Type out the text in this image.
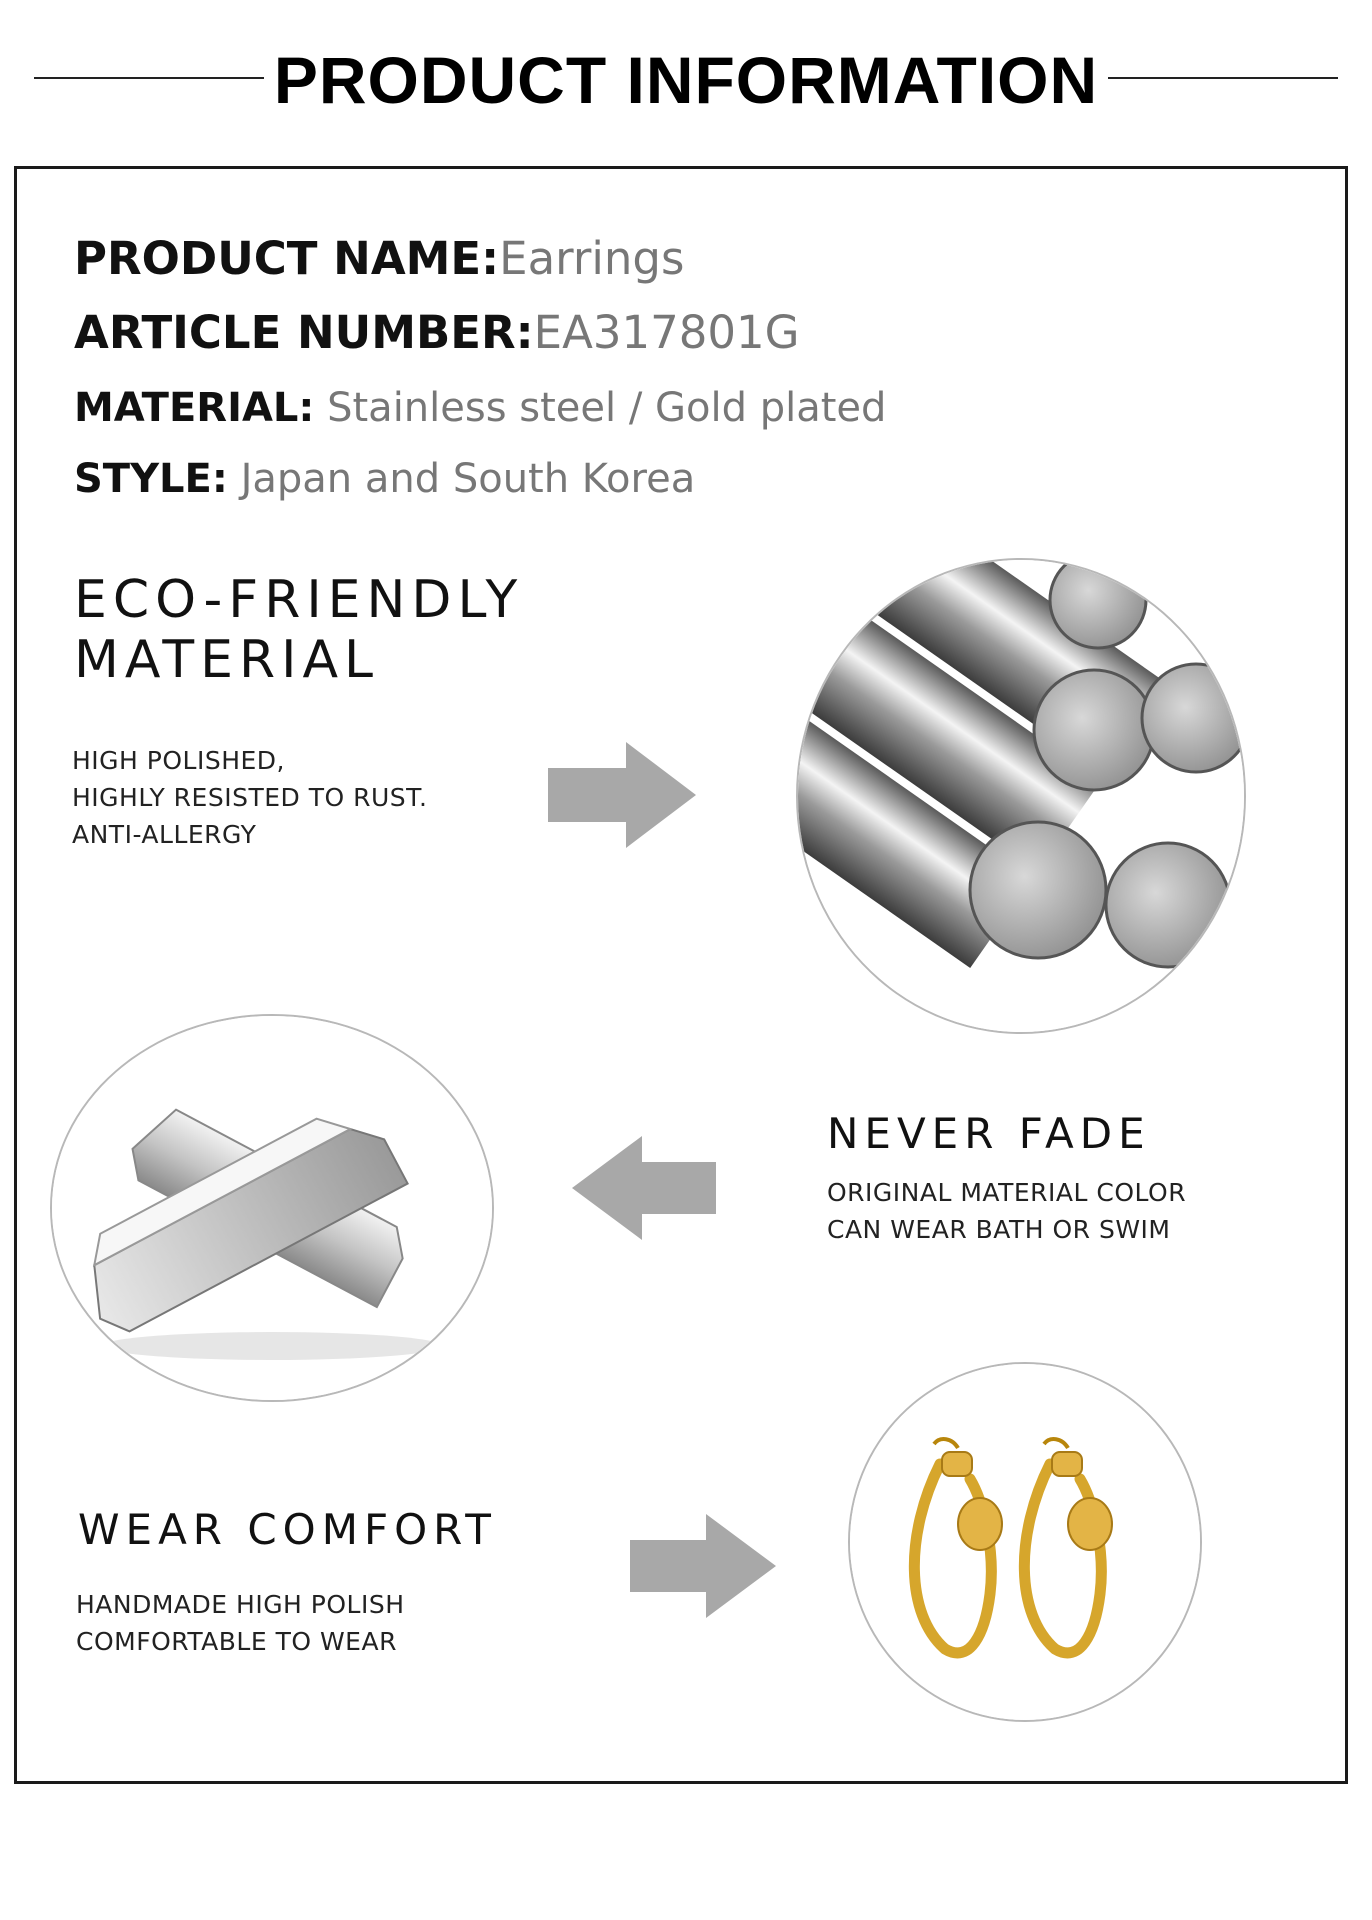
PRODUCT INFORMATION
PRODUCT NAME:Earrings
ARTICLE NUMBER:EA317801G
MATERIAL: Stainless steel / Gold plated
STYLE: Japan and South Korea
ECO-FRIENDLY
MATERIAL
HIGH POLISHED,
HIGHLY RESISTED TO RUST.
ANTI-ALLERGY
NEVER FADE
ORIGINAL MATERIAL COLOR
CAN WEAR BATH OR SWIM
WEAR COMFORT
HANDMADE HIGH POLISH
COMFORTABLE TO WEAR
